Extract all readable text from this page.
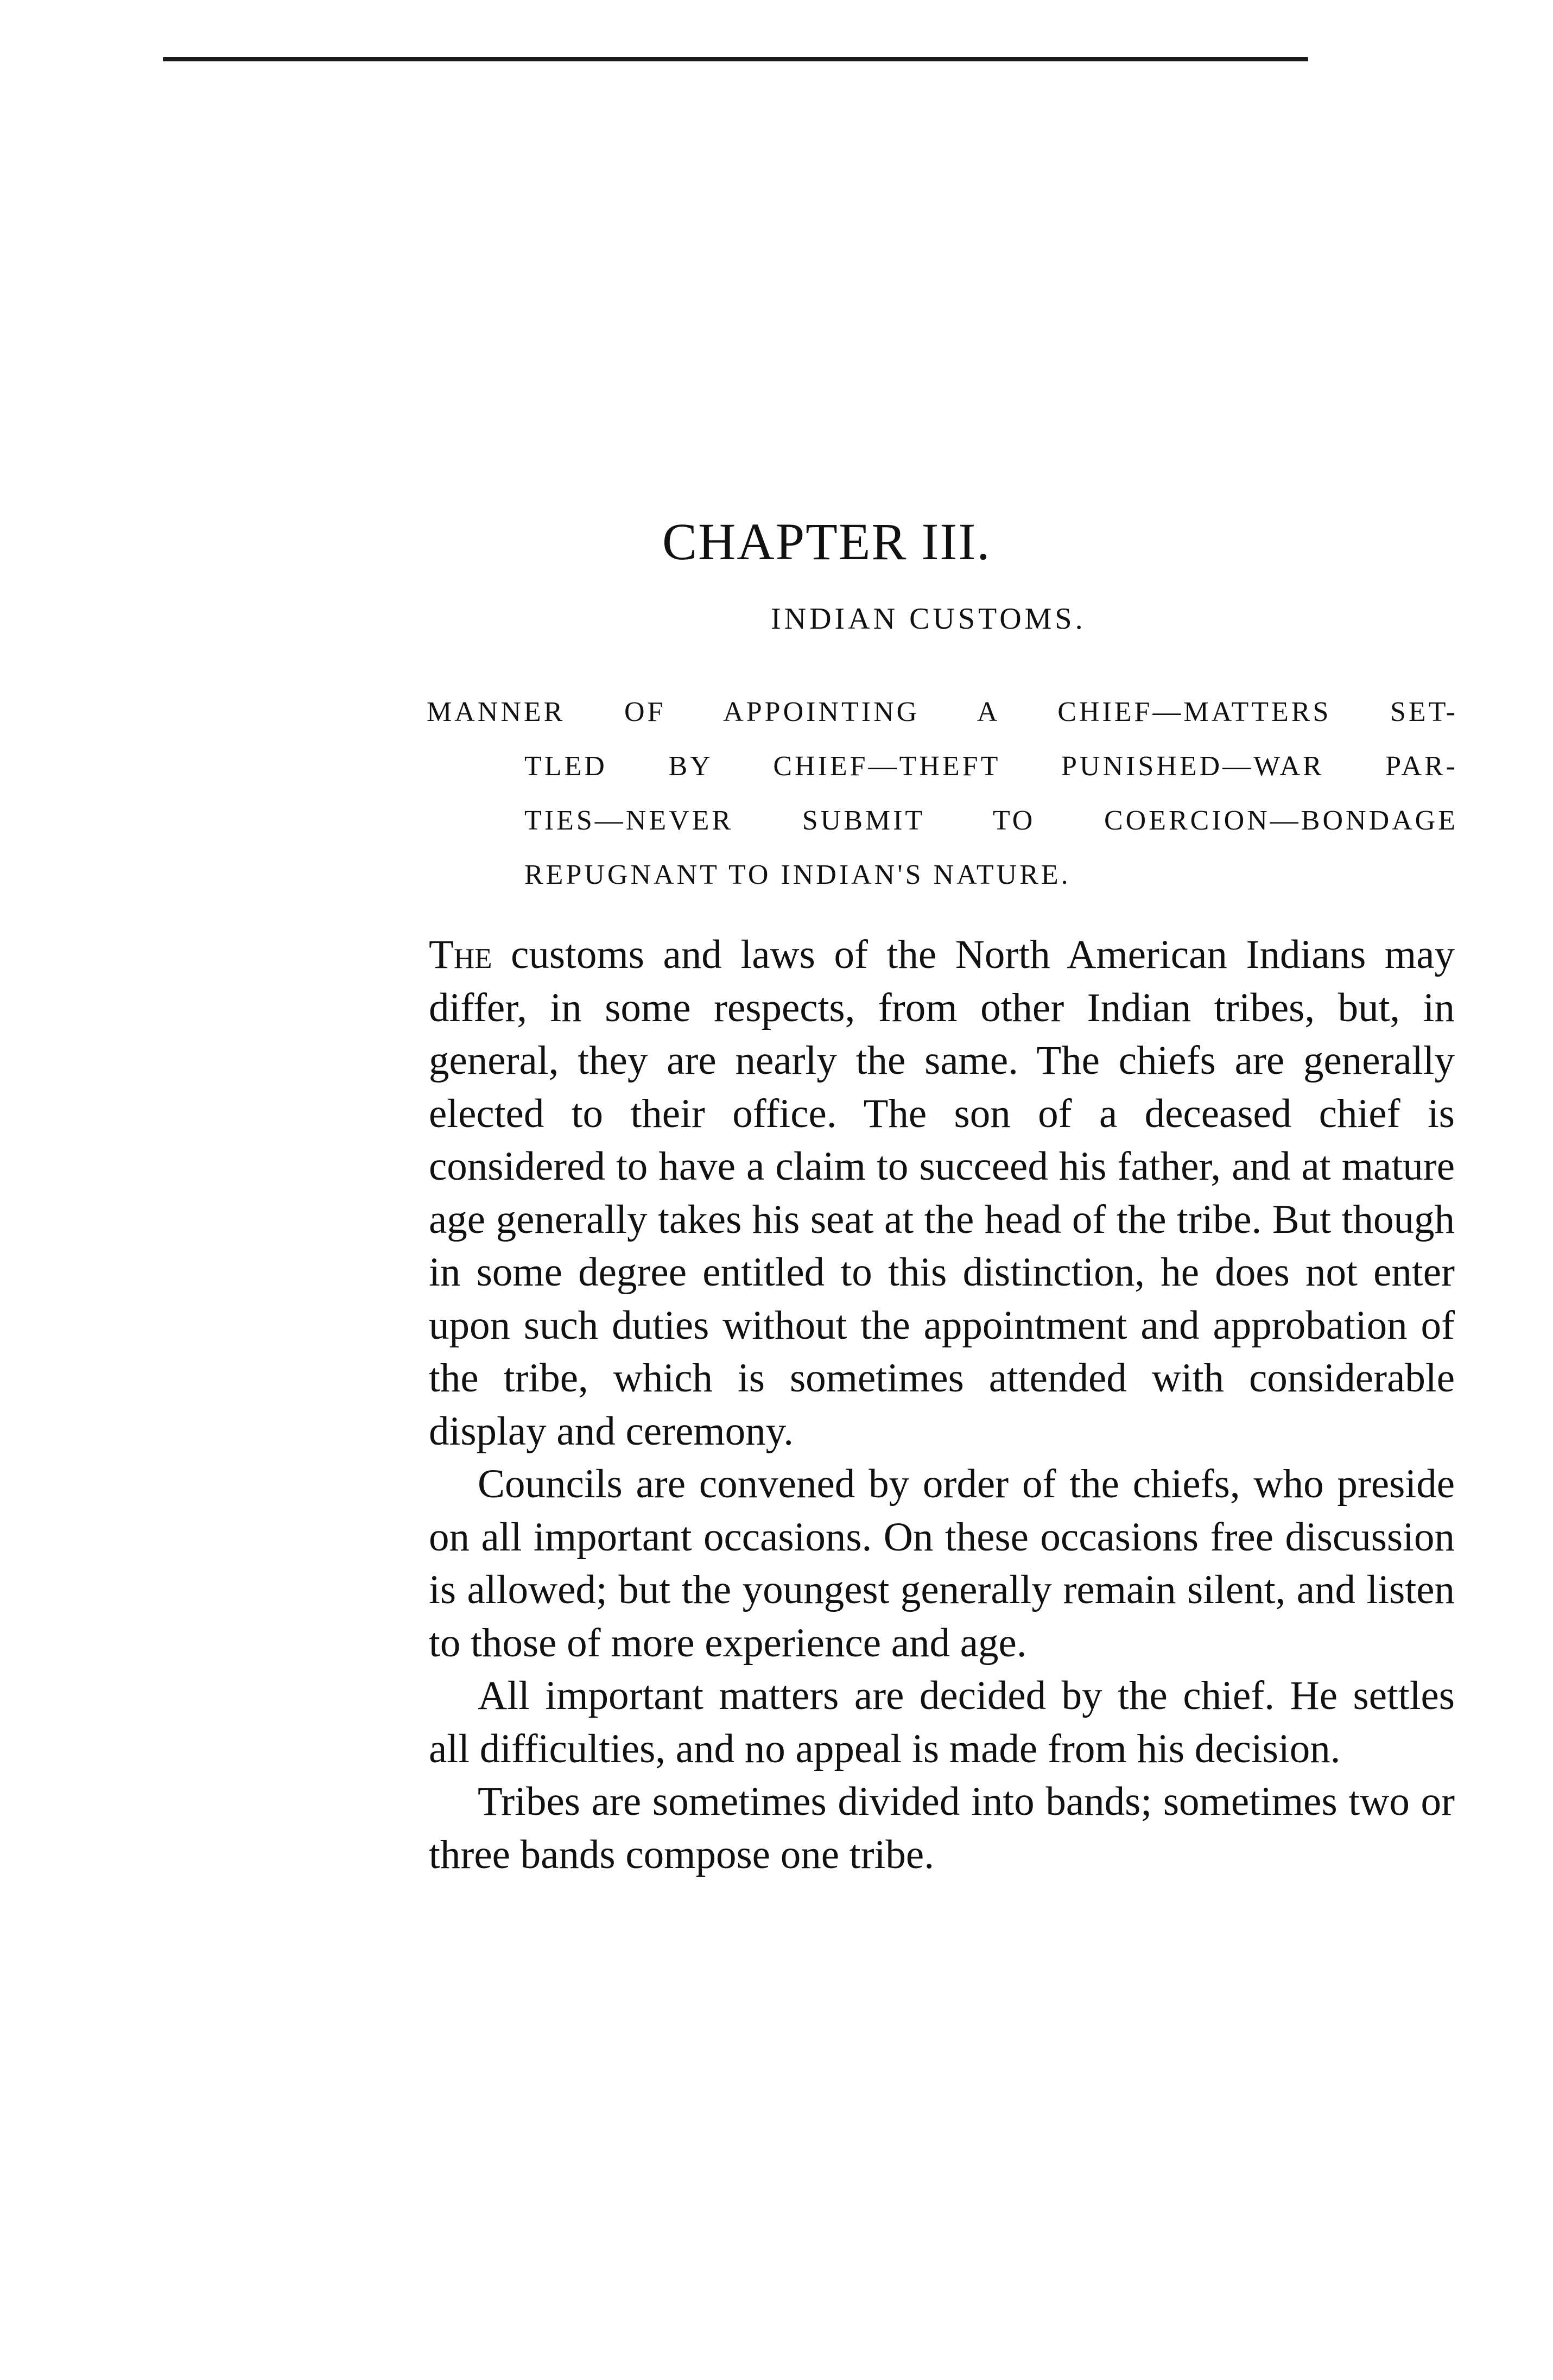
CHAPTER III.
INDIAN CUSTOMS.
MANNER OF APPOINTING A CHIEF—MATTERS SET-
TLED BY CHIEF—THEFT PUNISHED—WAR PAR-
TIES—NEVER SUBMIT TO COERCION—BONDAGE
REPUGNANT TO INDIAN'S NATURE.

The customs and laws of the North American Indians may differ, in some respects, from other Indian tribes, but, in general, they are nearly the same. The chiefs are generally elected to their office. The son of a deceased chief is considered to have a claim to succeed his father, and at mature age generally takes his seat at the head of the tribe. But though in some degree entitled to this distinction, he does not enter upon such duties without the appointment and approbation of the tribe, which is sometimes attended with considerable display and ceremony.

Councils are convened by order of the chiefs, who preside on all important occasions. On these occasions free discussion is allowed; but the youngest generally remain silent, and listen to those of more experience and age.

All important matters are decided by the chief. He settles all difficulties, and no appeal is made from his decision.

Tribes are sometimes divided into bands; sometimes two or three bands compose one tribe.
